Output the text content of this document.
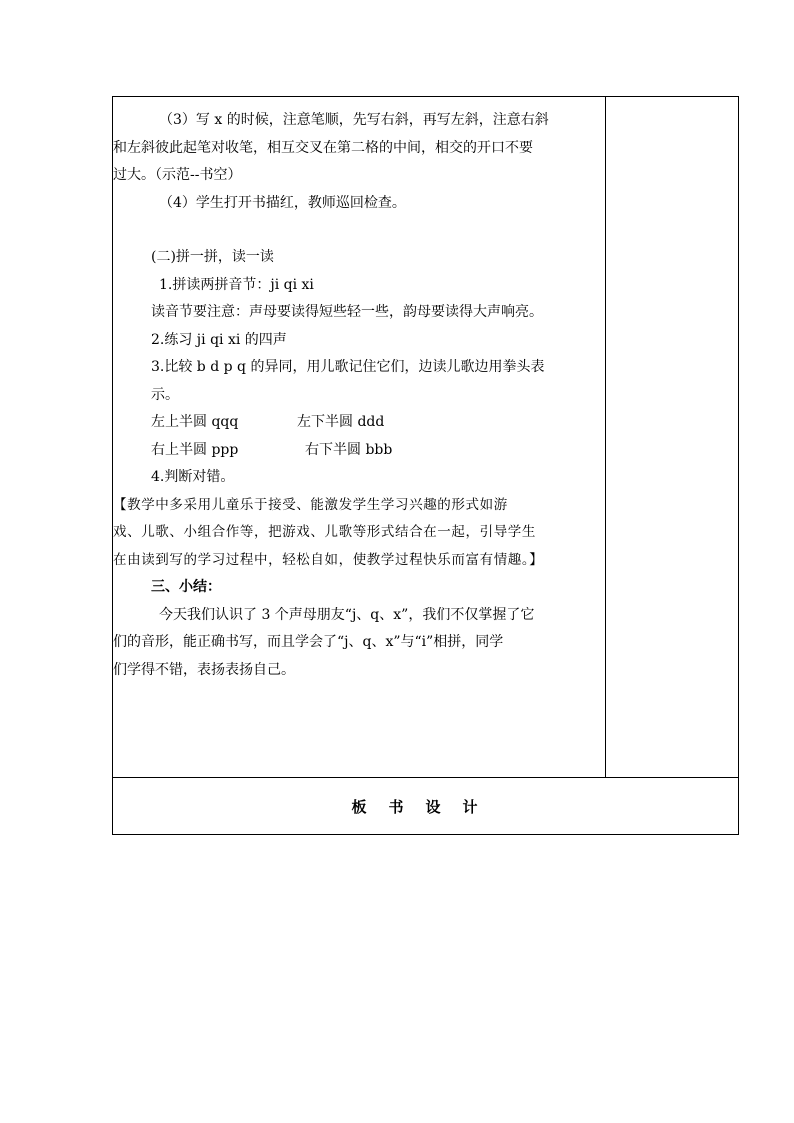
（3）写 x 的时候，注意笔顺，先写右斜，再写左斜，注意右斜

和左斜彼此起笔对收笔，相互交叉在第二格的中间，相交的开口不要

过大。（示范--书空）

（4）学生打开书描红，教师巡回检查。

(二)拼一拼，读一读

1.拼读两拼音节：ji qi xi

读音节要注意：声母要读得短些轻一些，韵母要读得大声响亮。

2.练习 ji qi xi 的四声

3.比较 b d p q 的异同，用儿歌记住它们，边读儿歌边用拳头表

示。

左上半圆 qqq	左下半圆 ddd

右上半圆 ppp	右下半圆 bbb

4.判断对错。

【教学中多采用儿童乐于接受、能激发学生学习兴趣的形式如游

戏、儿歌、小组合作等，把游戏、儿歌等形式结合在一起，引导学生

在由读到写的学习过程中，轻松自如，使教学过程快乐而富有情趣。】

三、小结：

今天我们认识了 3 个声母朋友“j、q、x”，我们不仅掌握了它

们的音形，能正确书写，而且学会了“j、q、x”与“i”相拼，同学

们学得不错，表扬表扬自己。

板书设计
